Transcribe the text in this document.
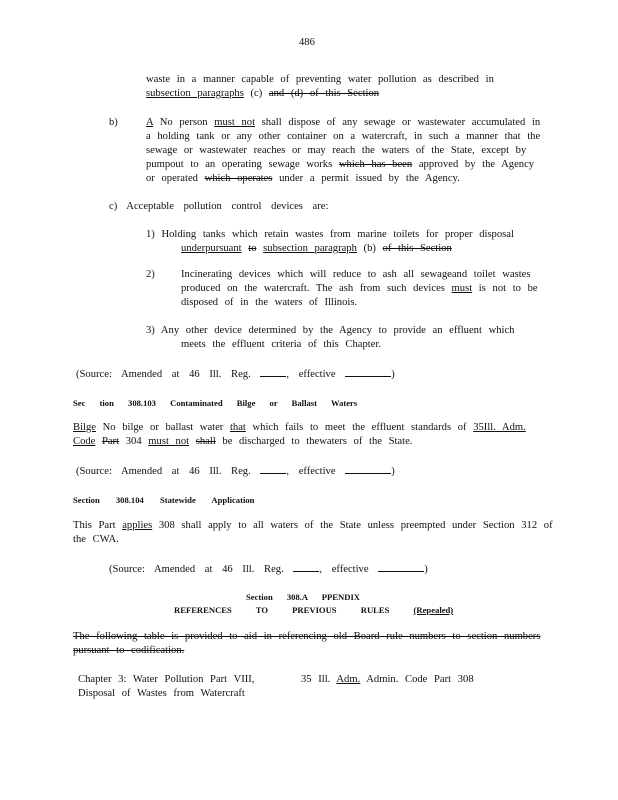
486
waste in a manner capable of preventing water pollution as described in
subsection paragraphs (c) and (d) of this Section
b)	A No person must not shall dispose of any sewage or wastewater accumulated in
a holding tank or any other container on a watercraft, in such a manner that the
sewage or wastewater reaches or may reach the waters of the State, except by
pumpout to an operating sewage works which has been approved by the Agency
or operated which operates under a permit issued by the Agency.
c) Acceptable pollution control devices are:
1) Holding tanks which retain wastes from marine toilets for proper disposal
underpursuant to subsection paragraph (b) of this Section
2) Incinerating devices which will reduce to ash all sewageand toilet wastes
produced on the watercraft. The ash from such devices must is not to be
disposed of in the waters of Illinois.
3) Any other device determined by the Agency to provide an effluent which
meets the effluent criteria of this Chapter.
(Source: Amended at 46 Ill. Reg. , effective	)
Sec tion 308.103 Contaminated Bilge or Ballast Waters
Bilge No bilge or ballast water that which fails to meet the effluent standards of 35Ill. Adm.
Code Part 304 must not shall be discharged to thewaters of the State.
(Source: Amended at 46 Ill. Reg. , effective	)
Section 308.104 Statewide Application
This Part applies 308 shall apply to all waters of the State unless preempted under Section 312 of
the CWA.
(Source: Amended at 46 Ill. Reg. , effective	)
Section 308.A PPENDIX
REFERENCES TO PREVIOUS RULES (Repealed)
The following table is provided to aid in referencing old Board rule numbers to section numbers
pursuant to codification.
Chapter 3: Water Pollution Part VIII,
Disposal of Wastes from Watercraft
35 Ill. Adm. Admin. Code Part 308
